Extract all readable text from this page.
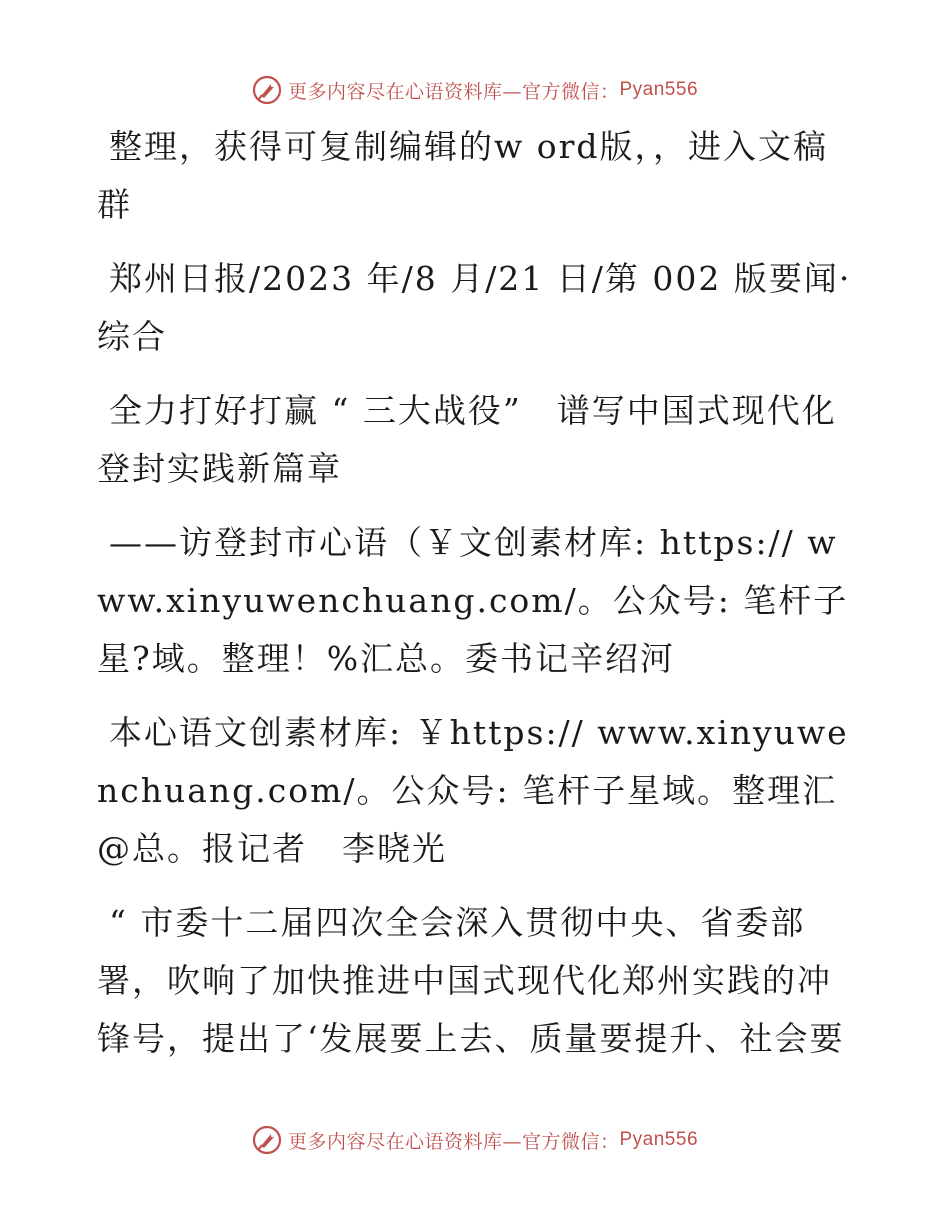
更多内容尽在心语资料库—官方微信： Pyan556

整理，获得可复制编辑的w ord版，，进入文稿群

郑州日报/2023 年/8 月/21 日/第 002 版要闻·综合

全力打好打赢 “ 三大战役”　谱写中国式现代化登封实践新篇章

——访登封市心语（￥文创素材库: https:// www.xinyuwenchuang.com/。公众号: 笔杆子星?域。整理！%汇总。委书记辛绍河

本心语文创素材库: ￥https:// www.xinyuwenchuang.com/。公众号: 笔杆子星域。整理汇@总。报记者　李晓光

“ 市委十二届四次全会深入贯彻中央、省委部署，吹响了加快推进中国式现代化郑州实践的冲锋号，提出了‘发展要上去、质量要提升、社会要

更多内容尽在心语资料库—官方微信： Pyan556
